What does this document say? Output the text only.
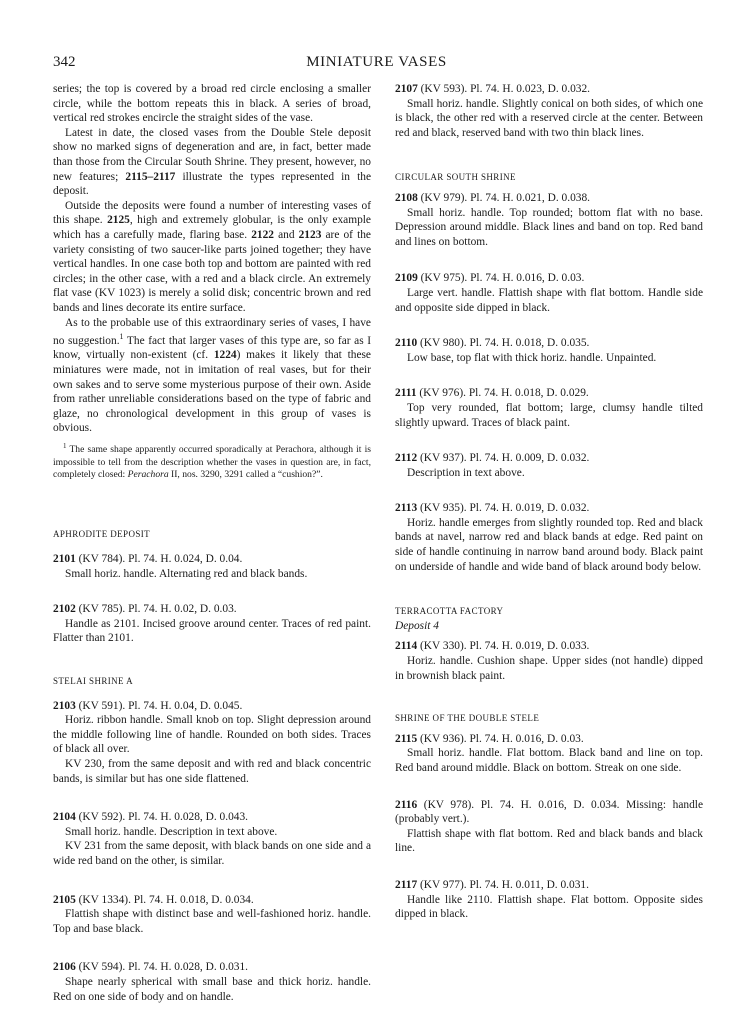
342	MINIATURE VASES

series; the top is covered by a broad red circle enclosing a smaller circle, while the bottom repeats this in black. A series of broad, vertical red strokes encircle the straight sides of the vase.

Latest in date, the closed vases from the Double Stele deposit show no marked signs of degeneration and are, in fact, better made than those from the Circular South Shrine. They present, however, no new features; 2115–2117 illustrate the types represented in the deposit.

Outside the deposits were found a number of interesting vases of this shape. 2125, high and extremely globular, is the only example which has a carefully made, flaring base. 2122 and 2123 are of the variety consisting of two saucer-like parts joined together; they have vertical handles. In one case both top and bottom are painted with red circles; in the other case, with a red and a black circle. An extremely flat vase (KV 1023) is merely a solid disk; concentric brown and red bands and lines decorate its entire surface.

As to the probable use of this extraordinary series of vases, I have no suggestion.$^1$ The fact that larger vases of this type are, so far as I know, virtually non-existent (cf. 1224) makes it likely that these miniatures were made, not in imitation of real vases, but for their own sakes and to serve some mysterious purpose of their own. Aside from rather unreliable considerations based on the type of fabric and glaze, no chronological development in this group of vases is obvious.

$^1$ The same shape apparently occurred sporadically at Perachora, although it is impossible to tell from the description whether the vases in question are, in fact, completely closed: Perachora II, nos. 3290, 3291 called a “cushion?”.

APHRODITE DEPOSIT

2101 (KV 784). Pl. 74. H. 0.024, D. 0.04.

Small horiz. handle. Alternating red and black bands.

2102 (KV 785). Pl. 74. H. 0.02, D. 0.03.

Handle as 2101. Incised groove around center. Traces of red paint. Flatter than 2101.

STELAI SHRINE A

2103 (KV 591). Pl. 74. H. 0.04, D. 0.045.

Horiz. ribbon handle. Small knob on top. Slight depression around the middle following line of handle. Rounded on both sides. Traces of black all over.

KV 230, from the same deposit and with red and black concentric bands, is similar but has one side flattened.

2104 (KV 592). Pl. 74. H. 0.028, D. 0.043.

Small horiz. handle. Description in text above.

KV 231 from the same deposit, with black bands on one side and a wide red band on the other, is similar.

2105 (KV 1334). Pl. 74. H. 0.018, D. 0.034.

Flattish shape with distinct base and well-fashioned horiz. handle. Top and base black.

2106 (KV 594). Pl. 74. H. 0.028, D. 0.031.

Shape nearly spherical with small base and thick horiz. handle. Red on one side of body and on handle.

2107 (KV 593). Pl. 74. H. 0.023, D. 0.032.

Small horiz. handle. Slightly conical on both sides, of which one is black, the other red with a reserved circle at the center. Between red and black, reserved band with two thin black lines.

CIRCULAR SOUTH SHRINE

2108 (KV 979). Pl. 74. H. 0.021, D. 0.038.

Small horiz. handle. Top rounded; bottom flat with no base. Depression around middle. Black lines and band on top. Red band and lines on bottom.

2109 (KV 975). Pl. 74. H. 0.016, D. 0.03.

Large vert. handle. Flattish shape with flat bottom. Handle side and opposite side dipped in black.

2110 (KV 980). Pl. 74. H. 0.018, D. 0.035.

Low base, top flat with thick horiz. handle. Unpainted.

2111 (KV 976). Pl. 74. H. 0.018, D. 0.029.

Top very rounded, flat bottom; large, clumsy handle tilted slightly upward. Traces of black paint.

2112 (KV 937). Pl. 74. H. 0.009, D. 0.032.

Description in text above.

2113 (KV 935). Pl. 74. H. 0.019, D. 0.032.

Horiz. handle emerges from slightly rounded top. Red and black bands at navel, narrow red and black bands at edge. Red paint on side of handle continuing in narrow band around body. Black paint on underside of handle and wide band of black around body below.

TERRACOTTA FACTORY
Deposit 4

2114 (KV 330). Pl. 74. H. 0.019, D. 0.033.

Horiz. handle. Cushion shape. Upper sides (not handle) dipped in brownish black paint.

SHRINE OF THE DOUBLE STELE

2115 (KV 936). Pl. 74. H. 0.016, D. 0.03.

Small horiz. handle. Flat bottom. Black band and line on top. Red band around middle. Black on bottom. Streak on one side.

2116 (KV 978). Pl. 74. H. 0.016, D. 0.034. Missing: handle (probably vert.).

Flattish shape with flat bottom. Red and black bands and black line.

2117 (KV 977). Pl. 74. H. 0.011, D. 0.031.

Handle like 2110. Flattish shape. Flat bottom. Opposite sides dipped in black.
